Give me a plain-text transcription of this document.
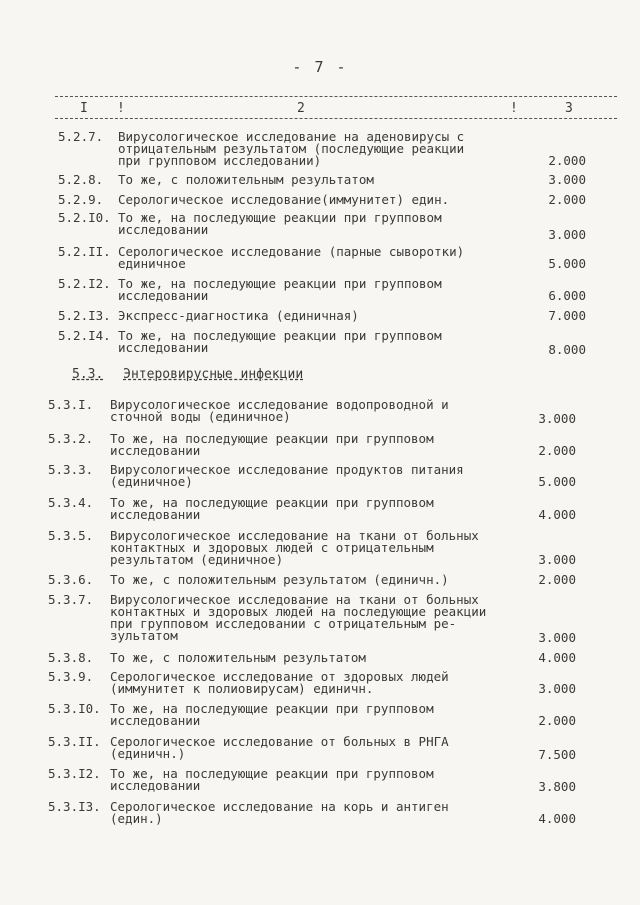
- 7 -
I !	2	!	3
5.2.7. Вирусологическое исследование на аденовирусы с
отрицательным результатом (последующие реакции
при групповом исследовании)	2.000
5.2.8. То же, с положительным результатом	3.000
5.2.9. Серологическое исследование(иммунитет) един.	2.000
5.2.I0. То же, на последующие реакции при групповом
исследовании	3.000
5.2.II. Серологическое исследование (парные сыворотки)
единичное	5.000
5.2.I2. То же, на последующие реакции при групповом
исследовании	6.000
5.2.I3. Экспресс-диагностика (единичная)	7.000
5.2.I4. То же, на последующие реакции при групповом
исследовании	8.000
5.3. Энтеровирусные инфекции
5.3.I. Вирусологическое исследование водопроводной и
сточной воды (единичное)	3.000
5.3.2. То же, на последующие реакции при групповом
исследовании	2.000
5.3.3. Вирусологическое исследование продуктов питания
(единичное)	5.000
5.3.4. То же, на последующие реакции при групповом
исследовании	4.000
5.3.5. Вирусологическое исследование на ткани от больных
контактных и здоровых людей с отрицательным
результатом (единичное)	3.000
5.3.6. То же, с положительным результатом (единичн.)	2.000
5.3.7. Вирусологическое исследование на ткани от больных
контактных и здоровых людей на последующие реакции
при групповом исследовании с отрицательным ре-
зультатом	3.000
5.3.8. То же, с положительным результатом	4.000
5.3.9. Серологическое исследование от здоровых людей
(иммунитет к полиовирусам) единичн.	3.000
5.3.I0. То же, на последующие реакции при групповом
исследовании	2.000
5.3.II. Серологическое исследование от больных в РНГА
(единичн.)	7.500
5.3.I2. То же, на последующие реакции при групповом
исследовании	3.800
5.3.I3. Серологическое исследование на корь и антиген
(един.)	4.000
